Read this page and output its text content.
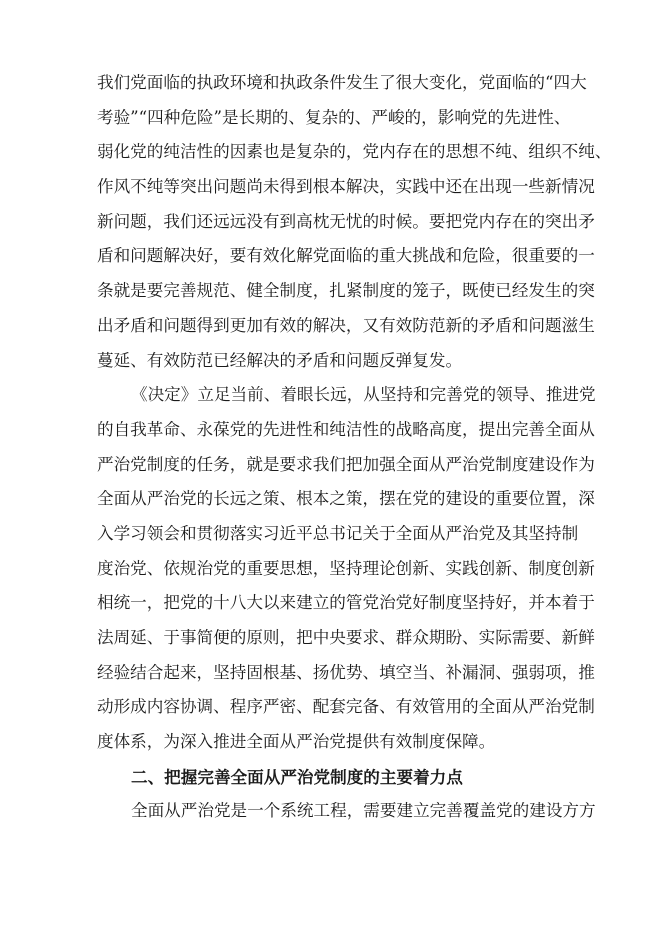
我们党面临的执政环境和执政条件发生了很大变化，党面临的“四大
考验”“四种危险”是长期的、复杂的、严峻的，影响党的先进性、
弱化党的纯洁性的因素也是复杂的，党内存在的思想不纯、组织不纯、
作风不纯等突出问题尚未得到根本解决，实践中还在出现一些新情况
新问题，我们还远远没有到高枕无忧的时候。要把党内存在的突出矛
盾和问题解决好，要有效化解党面临的重大挑战和危险，很重要的一
条就是要完善规范、健全制度，扎紧制度的笼子，既使已经发生的突
出矛盾和问题得到更加有效的解决，又有效防范新的矛盾和问题滋生
蔓延、有效防范已经解决的矛盾和问题反弹复发。
《决定》立足当前、着眼长远，从坚持和完善党的领导、推进党
的自我革命、永葆党的先进性和纯洁性的战略高度，提出完善全面从
严治党制度的任务，就是要求我们把加强全面从严治党制度建设作为
全面从严治党的长远之策、根本之策，摆在党的建设的重要位置，深
入学习领会和贯彻落实习近平总书记关于全面从严治党及其坚持制
度治党、依规治党的重要思想，坚持理论创新、实践创新、制度创新
相统一，把党的十八大以来建立的管党治党好制度坚持好，并本着于
法周延、于事简便的原则，把中央要求、群众期盼、实际需要、新鲜
经验结合起来，坚持固根基、扬优势、填空当、补漏洞、强弱项，推
动形成内容协调、程序严密、配套完备、有效管用的全面从严治党制
度体系，为深入推进全面从严治党提供有效制度保障。
二、把握完善全面从严治党制度的主要着力点
全面从严治党是一个系统工程，需要建立完善覆盖党的建设方方
